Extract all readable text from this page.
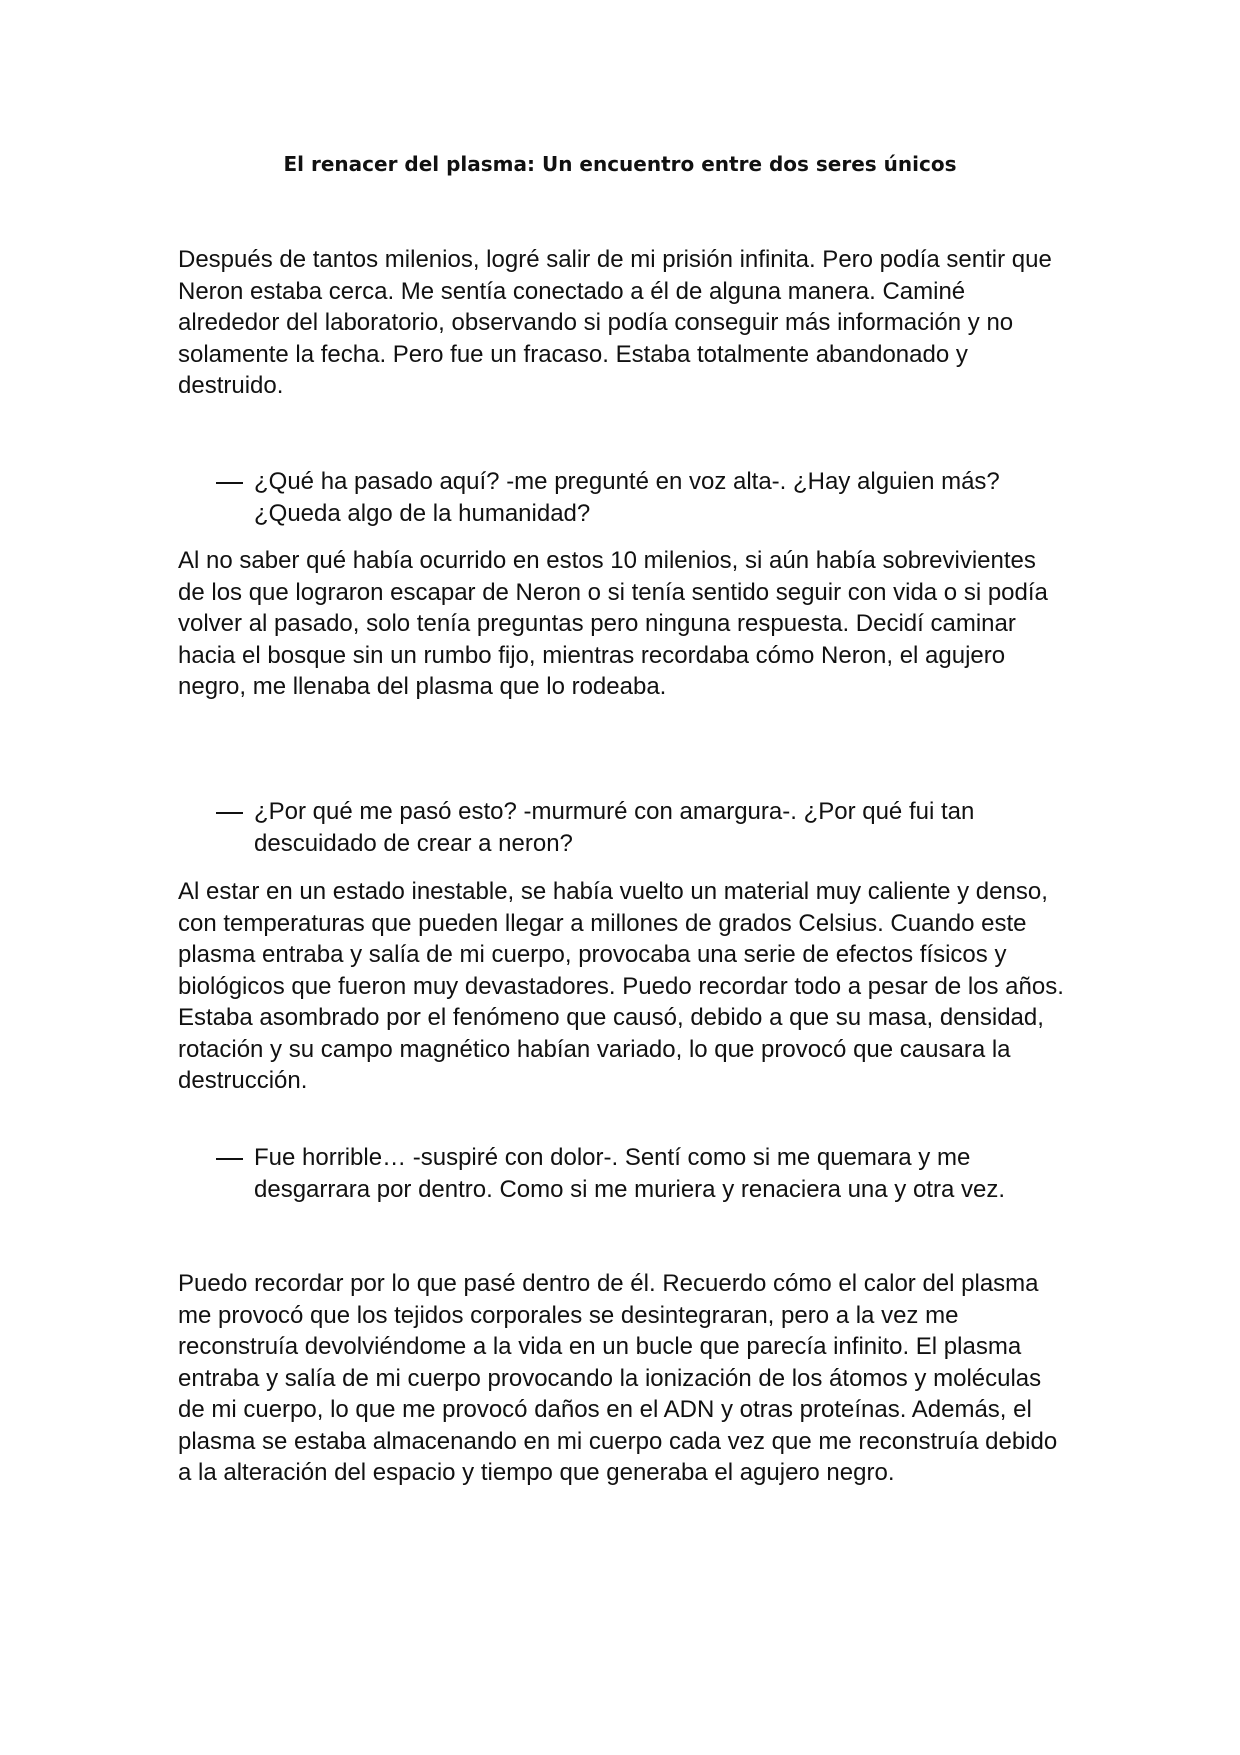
El renacer del plasma: Un encuentro entre dos seres únicos

Después de tantos milenios, logré salir de mi prisión infinita. Pero podía sentir que Neron estaba cerca. Me sentía conectado a él de alguna manera. Caminé alrededor del laboratorio, observando si podía conseguir más información y no solamente la fecha. Pero fue un fracaso. Estaba totalmente abandonado y destruido.

¿Qué ha pasado aquí? -me pregunté en voz alta-. ¿Hay alguien más? ¿Queda algo de la humanidad?

Al no saber qué había ocurrido en estos 10 milenios, si aún había sobrevivientes de los que lograron escapar de Neron o si tenía sentido seguir con vida o si podía volver al pasado, solo tenía preguntas pero ninguna respuesta. Decidí caminar hacia el bosque sin un rumbo fijo, mientras recordaba cómo Neron, el agujero negro, me llenaba del plasma que lo rodeaba.

¿Por qué me pasó esto? -murmuré con amargura-. ¿Por qué fui tan descuidado de crear a neron?

Al estar en un estado inestable, se había vuelto un material muy caliente y denso, con temperaturas que pueden llegar a millones de grados Celsius. Cuando este plasma entraba y salía de mi cuerpo, provocaba una serie de efectos físicos y biológicos que fueron muy devastadores. Puedo recordar todo a pesar de los años. Estaba asombrado por el fenómeno que causó, debido a que su masa, densidad, rotación y su campo magnético habían variado, lo que provocó que causara la destrucción.

Fue horrible… -suspiré con dolor-. Sentí como si me quemara y me desgarrara por dentro. Como si me muriera y renaciera una y otra vez.

Puedo recordar por lo que pasé dentro de él. Recuerdo cómo el calor del plasma me provocó que los tejidos corporales se desintegraran, pero a la vez me reconstruía devolviéndome a la vida en un bucle que parecía infinito. El plasma entraba y salía de mi cuerpo provocando la ionización de los átomos y moléculas de mi cuerpo, lo que me provocó daños en el ADN y otras proteínas. Además, el plasma se estaba almacenando en mi cuerpo cada vez que me reconstruía debido a la alteración del espacio y tiempo que generaba el agujero negro.
